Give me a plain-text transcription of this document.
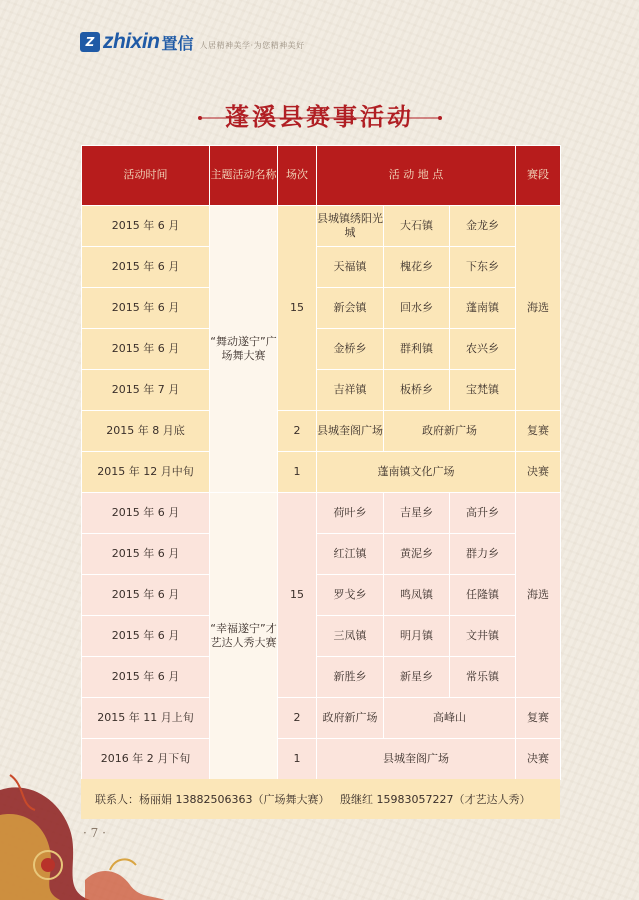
Z zhixin 置信 人居精神美学·为您精神美好
蓬溪县赛事活动
活动时间	主题活动名称	场次	活 动 地 点			赛段
2015 年 6 月	“舞动遂宁”广场舞大赛	15	县城镇绣阳光城	大石镇	金龙乡	海选
2015 年 6 月			天福镇	槐花乡	下东乡	
2015 年 6 月			新会镇	回水乡	蓬南镇	
2015 年 6 月			金桥乡	群利镇	农兴乡	
2015 年 7 月			吉祥镇	板桥乡	宝梵镇	
2015 年 8 月底		2	县城奎阁广场	政府新广场		复赛
2015 年 12 月中旬		1	蓬南镇文化广场			决赛
2015 年 6 月	“幸福遂宁”才艺达人秀大赛	15	荷叶乡	吉星乡	高升乡	海选
2015 年 6 月			红江镇	黄泥乡	群力乡	
2015 年 6 月			罗戈乡	鸣凤镇	任隆镇	
2015 年 6 月			三凤镇	明月镇	文井镇	
2015 年 6 月			新胜乡	新星乡	常乐镇	
2015 年 11 月上旬		2	政府新广场	高峰山		复赛
2016 年 2 月下旬		1	县城奎阁广场			决赛
联系人：杨丽娟 13882506363（广场舞大赛）   殷继红 15983057227（才艺达人秀）
· 7 ·
